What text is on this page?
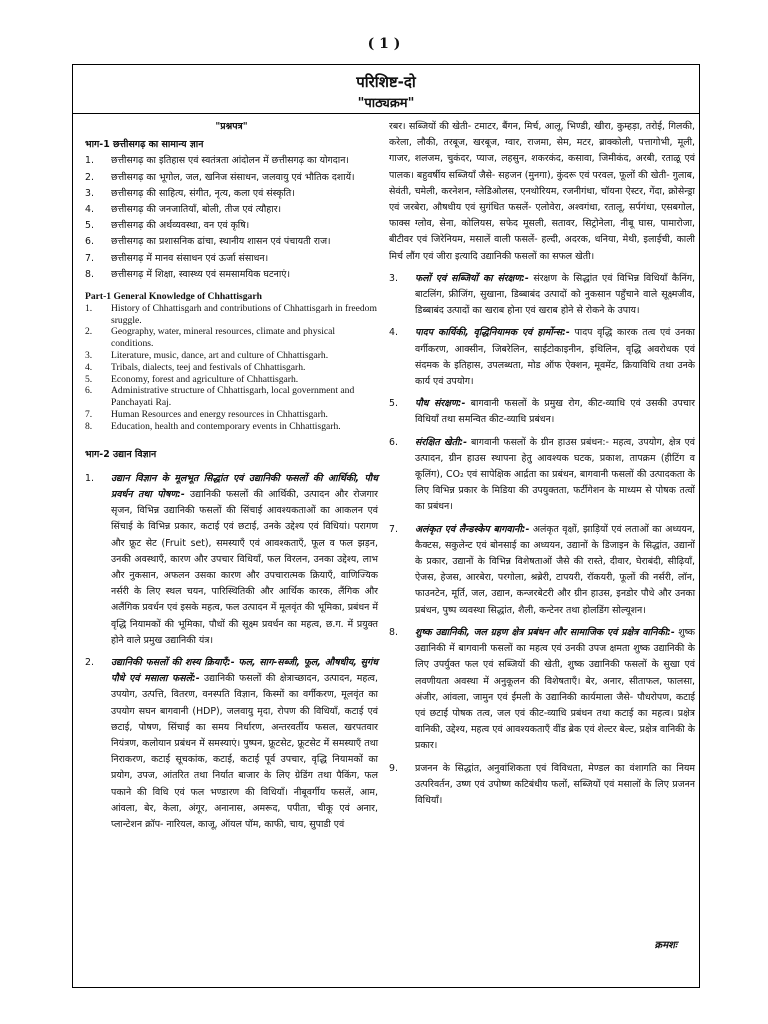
( 1 )
परिशिष्ट-दो
"पाठ्यक्रम"
"प्रश्नपत्र"
भाग-1 छत्तीसगढ़ का सामान्य ज्ञान
1.	छत्तीसगढ़ का इतिहास एवं स्वतंत्रता आंदोलन में छत्तीसगढ़ का योगदान।
2.	छत्तीसगढ़ का भूगोल, जल, खनिज संसाधन, जलवायु एवं भौतिक दशायें।
3.	छत्तीसगढ़ की साहित्य, संगीत, नृत्य, कला एवं संस्कृति।
4.	छत्तीसगढ़ की जनजातियाँ, बोली, तीज एवं त्यौहार।
5.	छत्तीसगढ़ की अर्थव्यवस्था, वन एवं कृषि।
6.	छत्तीसगढ़ का प्रशासनिक ढांचा, स्थानीय शासन एवं पंचायती राज।
7.	छत्तीसगढ़ में मानव संसाधन एवं ऊर्जा संसाधन।
8.	छत्तीसगढ़ में शिक्षा, स्वास्थ्य एवं समसामयिक घटनाएं।
Part-1 General Knowledge of Chhattisgarh
1.	History of Chhattisgarh and contributions of Chhattisgarh in freedom sruggle.
2.	Geography, water, mineral resources, climate and physical conditions.
3.	Literature, music, dance, art and culture of Chhattisgarh.
4.	Tribals, dialects, teej and festivals of Chhattisgarh.
5.	Economy, forest and agriculture of Chhattisgarh.
6.	Administrative structure of Chhattisgarh, local government and Panchayati Raj.
7.	Human Resources and energy resources in Chhattisgarh.
8.	Education, health and contemporary events in Chhattisgarh.
भाग-2 उद्यान विज्ञान
1.	उद्यान विज्ञान के मूलभूत सिद्धांत एवं उद्यानिकी फसलों की आर्थिकी, पौध प्रवर्धन तथा पोषण:- उद्यानिकी फसलों की आर्थिकी, उत्पादन और रोजगार सृजन, विभिन्न उद्यानिकी फसलों की सिंचाई आवश्यकताओं का आकलन एवं सिंचाई के विभिन्न प्रकार, कटाई एवं छटाई, उनके उद्देश्य एवं विधियां। परागण और फ्रूट सेट (Fruit set), समस्याएँ एवं आवश्कताएँ, फूल व फल झड़न, उनकी अवस्थाएँ, कारण और उपचार विधियाँ, फल विरलन, उनका उद्देश्य, लाभ और नुकसान, अफलन उसका कारण और उपचारात्मक क्रियाएँ, वाणिज्यिक नर्सरी के लिए स्थल चयन, पारिस्थितिकी और आर्थिक कारक, लैंगिक और अलैंगिक प्रवर्धन एवं इसके महत्व, फल उत्पादन में मूलवृंत की भूमिका, प्रबंधन में वृद्धि नियामकों की भूमिका, पौधों की सूक्ष्म प्रवर्धन का महत्व, छ.ग. में प्रयुक्त होने वाले प्रमुख उद्यानिकी यंत्र।
2.	उद्यानिकी फसलों की शस्य क्रियाएँ:- फल, साग-सब्जी, फूल, औषधीय, सुगंध पौधे एवं मसाला फसलें:- उद्यानिकी फसलों की क्षेत्राच्छादन, उत्पादन, महत्व, उपयोग, उत्पत्ति, वितरण, वनस्पति विज्ञान, किस्मों का वर्गीकरण, मूलवृंत का उपयोग सघन बागवानी (HDP), जलवायु मृदा, रोपण की विधियाँ, कटाई एवं छटाई, पोषण, सिंचाई का समय निर्धारण, अन्तरवर्तीय फसल, खरपतवार नियंत्रण, कलोयान प्रबंधन में समस्याएं। पुष्पन, फ्रूटसेट, फ्रूटसेट में समस्याएँ तथा निराकरण, कटाई सूचकांक, कटाई, कटाई पूर्व उपचार, वृद्धि नियामकों का प्रयोग, उपज, आंतरित तथा निर्यात बाजार के लिए ग्रेडिंग तथा पैकिंग, फल पकाने की विधि एवं फल भण्डारण की विधियाँ। नीबूवर्गीय फसलें, आम, आंवला, बेर, केला, अंगूर, अनानास, अमरूद, पपीता, चीकू एवं अनार, प्लान्टेशन क्रॉप- नारियल, काजू, ऑयल पॉम, काफी, चाय, सुपाडी एवं
रबर। सब्जियों की खेती- टमाटर, बैंगन, मिर्च, आलू, भिण्डी, खीरा, कुम्हड़ा, तरोई, गिलकी, करेला, लौकी, तरबूज, खरबूज, ग्वार, राजमा, सेम, मटर, ब्राक्कोली, पत्तागोभी, मूली, गाजर, शलजम, चुकंदर, प्याज, लहसुन, शकरकंद, कसावा, जिमीकंद, अरबी, रताळू एवं पालक। बहुवर्षीय सब्जियाँ जैसे- सहजन (मुनगा), कुंदरू एवं परवल, फूलों की खेती- गुलाब, सेवंती, चमेली, करनेशन, ग्लेडिओलस, एनथोरियम, रजनीगंधा, चॉयना ऐस्टर, गेंदा, क्रोसेन्ड्रा एवं जरबेरा, औषधीय एवं सुगंधित फसलें- एलोवेरा, अश्वगंधा, रतालू, सर्पगंधा, एसबगोल, फाक्स ग्लोव, सेना, कोलियस, सफेद मूसली, सतावर, सिट्रोनेला, नीबू घास, पामारोजा, बीटीवर एवं जिरेनियम, मसालें वाली फसलें- हल्दी, अदरक, धनिया, मेथी, इलाईची, काली मिर्च लौंग एवं जीरा इत्यादि उद्यानिकी फसलों का सफल खेती।
3.	फलों एवं सब्जियों का संरक्षण:- संरक्षण के सिद्धांत एवं विभिन्न विधियाँ कैनिंग, बाटलिंग, फ्रीजिंग, सुखाना, डिब्बाबंद उत्पादों को नुकसान पहुँचाने वाले सूक्ष्मजीव, डिब्बाबंद उत्पादों का खराब होना एवं खराब होने से रोकने के उपाय।
4.	पादप कार्यिकी, वृद्धिनियामक एवं हार्मोन्स:- पादप वृद्धि कारक तत्व एवं उनका वर्गीकरण, आक्सीन, जिबरेलिन, साईटोकाइनीन, इथिलिन, वृद्धि अवरोधक एवं संदमक के इतिहास, उपलब्धता, मोड ऑफ ऐक्शन, मूवमेंट, क्रियाविधि तथा उनके कार्य एवं उपयोग।
5.	पौध संरक्षण:- बागवानी फसलों के प्रमुख रोग, कीट-व्याधि एवं उसकी उपचार विधियाँ तथा समन्वित कीट-व्याधि प्रबंधन।
6.	संरक्षित खेती:- बागवानी फसलों के ग्रीन हाउस प्रबंधन:- महत्व, उपयोग, क्षेत्र एवं उत्पादन, ग्रीन हाउस स्थापना हेतु आवश्यक घटक, प्रकाश, तापक्रम (हीटिंग व कूलिंग), CO₂ एवं सापेक्षिक आर्द्रता का प्रबंधन, बागवानी फसलों की उत्पादकता के लिए विभिन्न प्रकार के मिडिया की उपयुक्तता, फर्टीगेशन के माध्यम से पोषक तत्वों का प्रबंधन।
7.	अलंकृत एवं लैन्डस्केप बागवानी:- अलंकृत वृक्षों, झाड़ियों एवं लताओं का अध्ययन, कैक्टस, सकुलेन्ट एवं बोनसाई का अध्ययन, उद्यानों के डिजाइन के सिद्धांत, उद्यानों के प्रकार, उद्यानों के विभिन्न विशेषताओं जैसे की रास्ते, दीवार, घेराबंदी, सीढ़ियाँ, ऐजस, हेजस, आरबेरा, परगोला, श्रब्रेरी, टापयरी, रॉकयरी, फूलों की नर्सरी, लॉन, फाउनटेन, मूर्ति, जल, उद्यान, कन्जरबेटरी और ग्रीन हाउस, इनडोर पौधे और उनका प्रबंधन, पुष्प व्यवस्था सिद्धांत, शैली, कन्टेनर तथा होलडिंग सोल्यूशन।
8.	शुष्क उद्यानिकी, जल ग्रहण क्षेत्र प्रबंधन और सामाजिक एवं प्रक्षेत्र वानिकी:- शुष्क उद्यानिकी में बागवानी फसलों का महत्व एवं उनकी उपज क्षमता शुष्क उद्यानिकी के लिए उपर्युक्त फल एवं सब्जियों की खेती, शुष्क उद्यानिकी फसलों के सुखा एवं लवणीयता अवस्था में अनुकूलन की विशेषताएँ। बेर, अनार, सीताफल, फालसा, अंजीर, आंवला, जामुन एवं ईमली के उद्यानिकी कार्यमाला जैसे- पौधरोपण, कटाई एवं छटाई पोषक तत्व, जल एवं कीट-व्याधि प्रबंधन तथा कटाई का महत्व। प्रक्षेत्र वानिकी, उद्देश्य, महत्व एवं आवश्यकताएँ वींड ब्रेक एवं शेल्टर बेल्ट, प्रक्षेत्र वानिकी के प्रकार।
9.	प्रजनन के सिद्धांत, अनुवांशिकता एवं विविधता, मेण्डल का वंशागति का नियम उत्परिवर्तन, उष्ण एवं उपोष्ण कटिबंधीय फलों, सब्जियों एवं मसालों के लिए प्रजनन विधियाँ।
क्रमशः
